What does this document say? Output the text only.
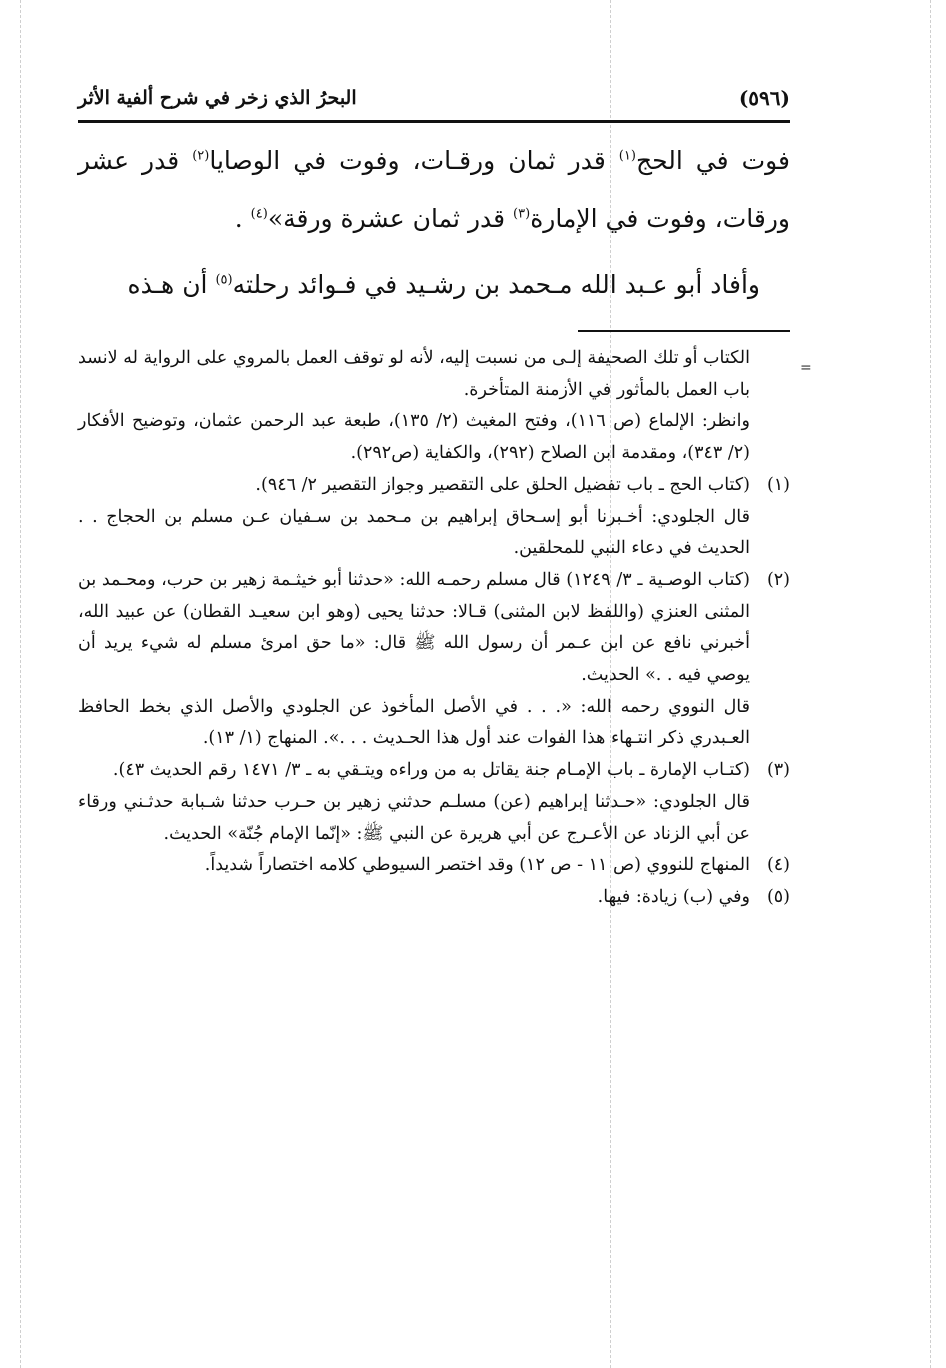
(٥٩٦)
البحرُ الذي زخر في شرح ألفية الأثر

فوت في الحج$^{(١)}$ قدر ثمان ورقـات، وفوت في الوصايا$^{(٢)}$ قدر عشر ورقات، وفوت في الإمارة$^{(٣)}$ قدر ثمان عشرة ورقة»$^{(٤)}$ .

وأفاد أبو عـبد الله مـحمد بن رشـيد في فـوائد رحلته$^{(٥)}$ أن هـذه

=

الكتاب أو تلك الصحيفة إلـى من نسبت إليه، لأنه لو توقف العمل بالمروي على الرواية له لانسد باب العمل بالمأثور في الأزمنة المتأخرة.

وانظر: الإلماع (ص ١١٦)، وفتح المغيث (٢/ ١٣٥)، طبعة عبد الرحمن عثمان، وتوضيح الأفكار (٢/ ٣٤٣)، ومقدمة ابن الصلاح (٢٩٢)، والكفاية (ص٢٩٢).

(١)

(كتاب الحج ـ باب تفضيل الحلق على التقصير وجواز التقصير ٢/ ٩٤٦).

قال الجلودي: أخـبرنا أبو إسـحاق إبراهيم بن مـحمد بن سـفيان عـن مسلم بن الحجاج . . الحديث في دعاء النبي للمحلقين.

(٢)

(كتاب الوصـية ـ ٣/ ١٢٤٩) قال مسلم رحمـه الله: «حدثنا أبو خيثـمة زهير بن حرب، ومحـمد بن المثنى العنزي (واللفظ لابن المثنى) قـالا: حدثنا يحيى (وهو ابن سعيـد القطان) عن عبيد الله، أخبرني نافع عن ابن عـمر أن رسول الله ﷺ قال: «ما حق امرئ مسلم له شيء يريد أن يوصي فيه . .» الحديث.

قال النووي رحمه الله: «. . . في الأصل المأخوذ عن الجلودي والأصل الذي بخط الحافظ العـبدري ذكر انتـهاء هذا الفوات عند أول هذا الحـديث . . .». المنهاج (١/ ١٣).

(٣)

(كتـاب الإمارة ـ باب الإمـام جنة يقاتل به من وراءه ويتـقي به ـ ٣/ ١٤٧١ رقم الحديث ٤٣).

قال الجلودي: «حـدثنا إبراهيم (عن) مسلـم حدثني زهير بن حـرب حدثنا شـبابة حدثـني ورقاء عن أبي الزناد عن الأعـرج عن أبي هريرة عن النبي ﷺ: «إنّما الإمام جُنّة» الحديث.

(٤)

المنهاج للنووي (ص ١١ - ص ١٢) وقد اختصر السيوطي كلامه اختصاراً شديداً.

(٥)

وفي (ب) زيادة: فيها.
